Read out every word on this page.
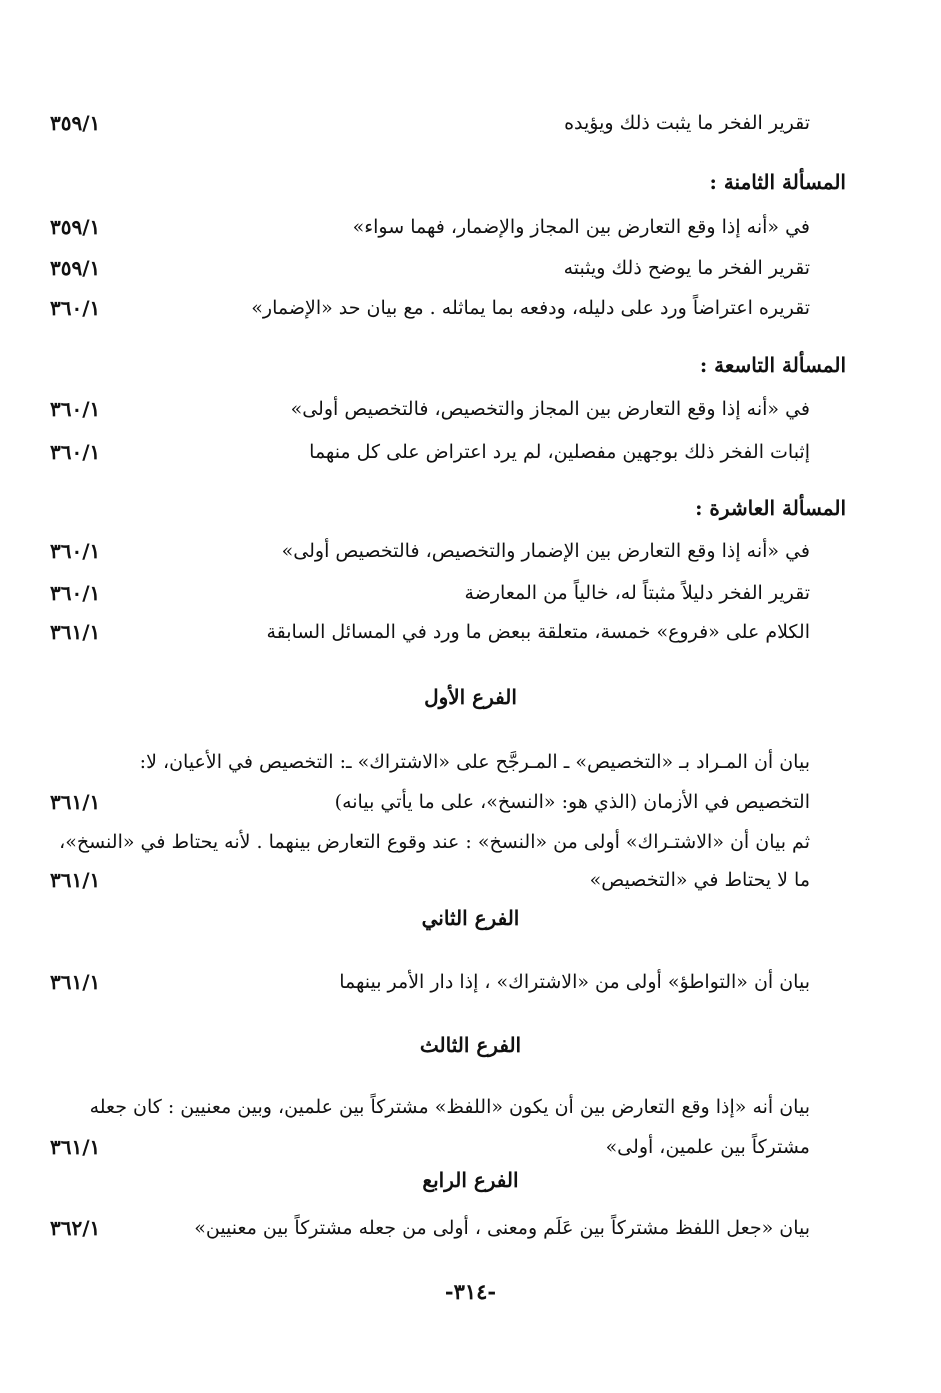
تقرير الفخر ما يثبت ذلك ويؤيده
٣٥٩/١
المسألة الثامنة :
في «أنه إذا وقع التعارض بين المجاز والإضمار، فهما سواء»
٣٥٩/١
تقرير الفخر ما يوضح ذلك ويثبته
٣٥٩/١
تقريره اعتراضاً ورد على دليله، ودفعه بما يماثله . مع بيان حد «الإضمار»
٣٦٠/١
المسألة التاسعة :
في «أنه إذا وقع التعارض بين المجاز والتخصيص، فالتخصيص أولى»
٣٦٠/١
إثبات الفخر ذلك بوجهين مفصلين، لم يرد اعتراض على كل منهما
٣٦٠/١
المسألة العاشرة :
في «أنه إذا وقع التعارض بين الإضمار والتخصيص، فالتخصيص أولى»
٣٦٠/١
تقرير الفخر دليلاً مثبتاً له، خالياً من المعارضة
٣٦٠/١
الكلام على «فروع» خمسة، متعلقة ببعض ما ورد في المسائل السابقة
٣٦١/١
الفرع الأول
بيان أن المـراد بـ «التخصيص» ـ المـرجَّح على «الاشتراك» ـ: التخصيص في الأعيان، لا:
التخصيص في الأزمان (الذي هو: «النسخ»، على ما يأتي بيانه)
٣٦١/١
ثم بيان أن «الاشتـراك» أولى من «النسخ» : عند وقوع التعارض بينهما . لأنه يحتاط في «النسخ»،
ما لا يحتاط في «التخصيص»
٣٦١/١
الفرع الثاني
بيان أن «التواطؤ» أولى من «الاشتراك» ، إذا دار الأمر بينهما
٣٦١/١
الفرع الثالث
بيان أنه «إذا وقع التعارض بين أن يكون «اللفظ» مشتركاً بين علمين، وبين معنيين : كان جعله
مشتركاً بين علمين، أولى»
٣٦١/١
الفرع الرابع
بيان «جعل اللفظ مشتركاً بين عَلَم ومعنى ، أولى من جعله مشتركاً بين معنيين»
٣٦٢/١
-٣١٤-
